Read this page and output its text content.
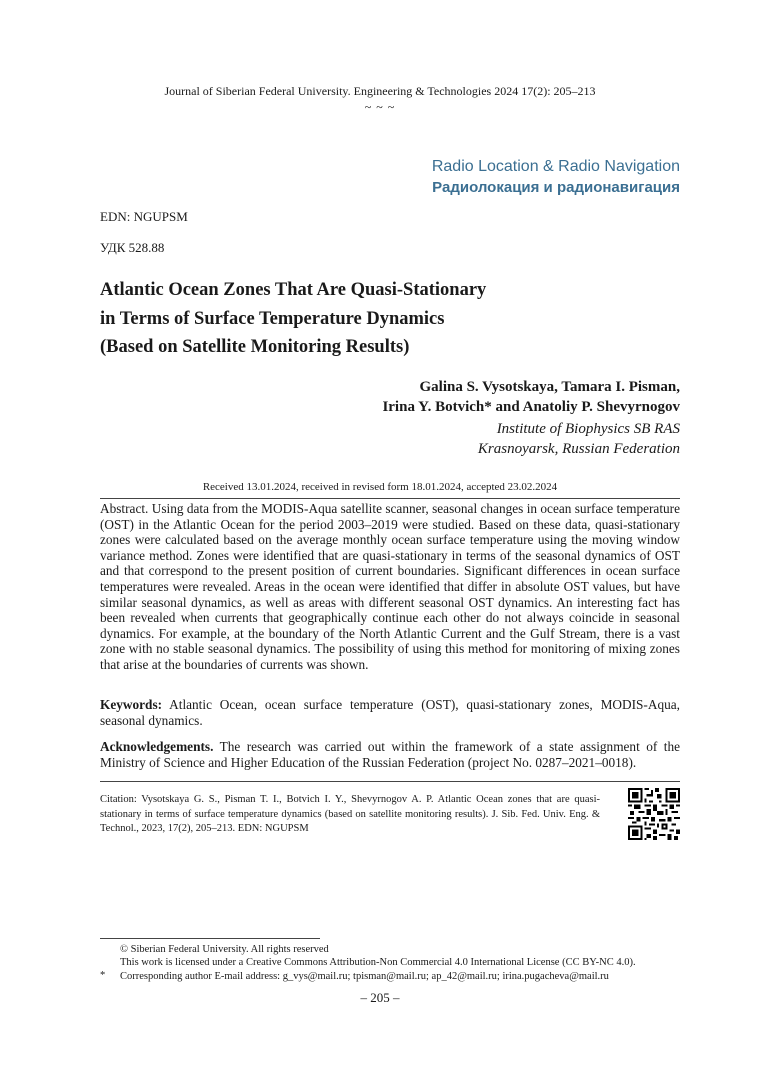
Journal of Siberian Federal University. Engineering & Technologies 2024 17(2): 205–213
~ ~ ~
Radio Location & Radio Navigation
Радиолокация и радионавигация
EDN: NGUPSM
УДК 528.88
Atlantic Ocean Zones That Are Quasi-Stationary
in Terms of Surface Temperature Dynamics
(Based on Satellite Monitoring Results)
Galina S. Vysotskaya, Tamara I. Pisman,
Irina Y. Botvich* and Anatoliy P. Shevyrnogov
Institute of Biophysics SB RAS
Krasnoyarsk, Russian Federation
Received 13.01.2024, received in revised form 18.01.2024, accepted 23.02.2024
Abstract. Using data from the MODIS-Aqua satellite scanner, seasonal changes in ocean surface temperature (OST) in the Atlantic Ocean for the period 2003–2019 were studied. Based on these data, quasi-stationary zones were calculated based on the average monthly ocean surface temperature using the moving window variance method. Zones were identified that are quasi-stationary in terms of the seasonal dynamics of OST and that correspond to the present position of current boundaries. Significant differences in ocean surface temperatures were revealed. Areas in the ocean were identified that differ in absolute OST values, but have similar seasonal dynamics, as well as areas with different seasonal OST dynamics. An interesting fact has been revealed when currents that geographically continue each other do not always coincide in seasonal dynamics. For example, at the boundary of the North Atlantic Current and the Gulf Stream, there is a vast zone with no stable seasonal dynamics. The possibility of using this method for monitoring of mixing zones that arise at the boundaries of currents was shown.
Keywords: Atlantic Ocean, ocean surface temperature (OST), quasi-stationary zones, MODIS-Aqua, seasonal dynamics.
Acknowledgements. The research was carried out within the framework of a state assignment of the Ministry of Science and Higher Education of the Russian Federation (project No. 0287–2021–0018).
Citation: Vysotskaya G. S., Pisman T. I., Botvich I. Y., Shevyrnogov A. P. Atlantic Ocean zones that are quasi-stationary in terms of surface temperature dynamics (based on satellite monitoring results). J. Sib. Fed. Univ. Eng. & Technol., 2023, 17(2), 205–213. EDN: NGUPSM
© Siberian Federal University. All rights reserved
This work is licensed under a Creative Commons Attribution-Non Commercial 4.0 International License (CC BY-NC 4.0).
* Corresponding author E-mail address: g_vys@mail.ru; tpisman@mail.ru; ap_42@mail.ru; irina.pugacheva@mail.ru
– 205 –
